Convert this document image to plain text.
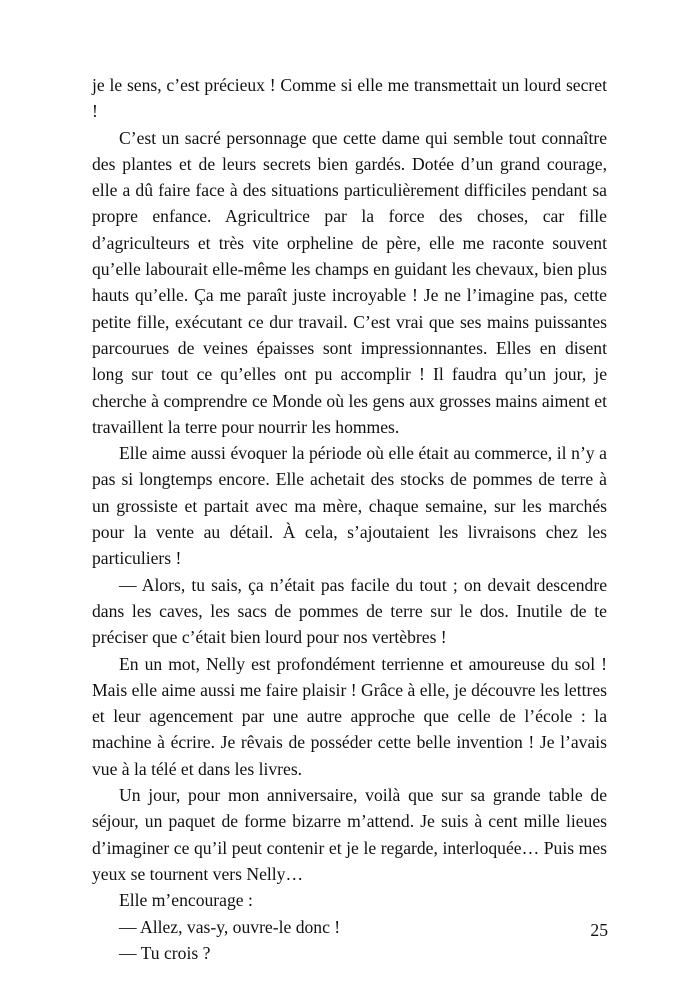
je le sens, c’est précieux ! Comme si elle me transmettait un lourd secret !

C’est un sacré personnage que cette dame qui semble tout connaître des plantes et de leurs secrets bien gardés. Dotée d’un grand courage, elle a dû faire face à des situations particulièrement difficiles pendant sa propre enfance. Agricultrice par la force des choses, car fille d’agriculteurs et très vite orpheline de père, elle me raconte souvent qu’elle labourait elle-même les champs en guidant les chevaux, bien plus hauts qu’elle. Ça me paraît juste incroyable ! Je ne l’imagine pas, cette petite fille, exécutant ce dur travail. C’est vrai que ses mains puissantes parcourues de veines épaisses sont impressionnantes. Elles en disent long sur tout ce qu’elles ont pu accomplir ! Il faudra qu’un jour, je cherche à comprendre ce Monde où les gens aux grosses mains aiment et travaillent la terre pour nourrir les hommes.

Elle aime aussi évoquer la période où elle était au commerce, il n’y a pas si longtemps encore. Elle achetait des stocks de pommes de terre à un grossiste et partait avec ma mère, chaque semaine, sur les marchés pour la vente au détail. À cela, s’ajoutaient les livraisons chez les particuliers !

— Alors, tu sais, ça n’était pas facile du tout ; on devait descendre dans les caves, les sacs de pommes de terre sur le dos. Inutile de te préciser que c’était bien lourd pour nos vertèbres !

En un mot, Nelly est profondément terrienne et amoureuse du sol ! Mais elle aime aussi me faire plaisir ! Grâce à elle, je découvre les lettres et leur agencement par une autre approche que celle de l’école : la machine à écrire. Je rêvais de posséder cette belle invention ! Je l’avais vue à la télé et dans les livres.

Un jour, pour mon anniversaire, voilà que sur sa grande table de séjour, un paquet de forme bizarre m’attend. Je suis à cent mille lieues d’imaginer ce qu’il peut contenir et je le regarde, interloquée… Puis mes yeux se tournent vers Nelly…

Elle m’encourage :

— Allez, vas-y, ouvre-le donc !

— Tu crois ?

25
